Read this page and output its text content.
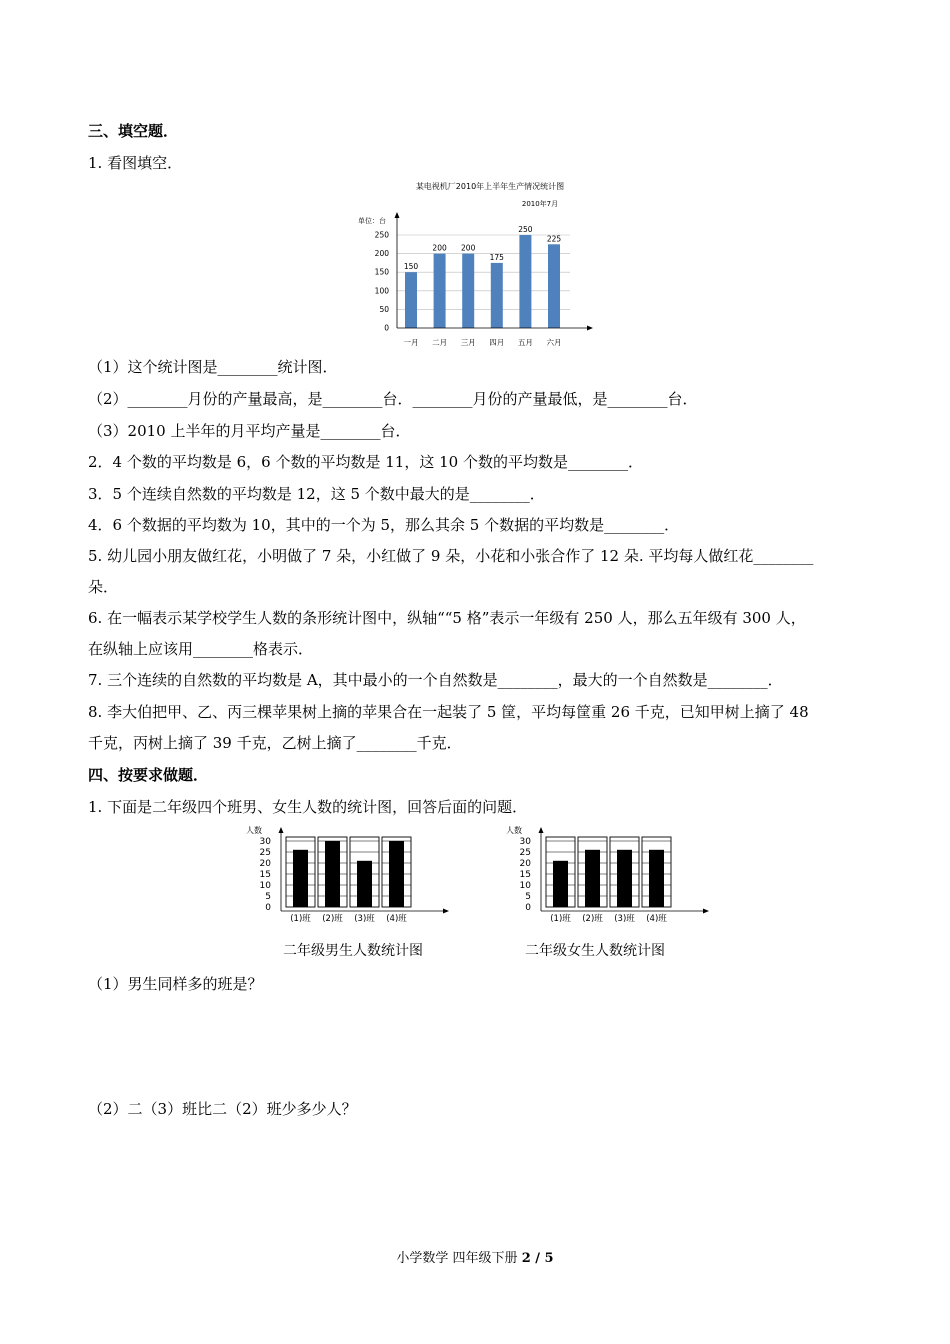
三、填空题．
1. 看图填空．
某电视机厂2010年上半年生产情况统计图
2010年7月
单位：台
0
50
100
150
200
250
150
200 200
175
250
225
一月 二月 三月 四月 五月 六月
（1）这个统计图是________统计图．
（2）________月份的产量最高，是________台．________月份的产量最低，是________台．
（3）2010 上半年的月平均产量是________台．
2．4 个数的平均数是 6，6 个数的平均数是 11，这 10 个数的平均数是________．
3．5 个连续自然数的平均数是 12，这 5 个数中最大的是________．
4．6 个数据的平均数为 10，其中的一个为 5，那么其余 5 个数据的平均数是________．
5. 幼儿园小朋友做红花，小明做了 7 朵，小红做了 9 朵，小花和小张合作了 12 朵. 平均每人做红花________
朵．
6. 在一幅表示某学校学生人数的条形统计图中，纵轴““5 格”表示一年级有 250 人，那么五年级有 300 人，
在纵轴上应该用________格表示．
7. 三个连续的自然数的平均数是 A，其中最小的一个自然数是________，最大的一个自然数是________．
8. 李大伯把甲、乙、丙三棵苹果树上摘的苹果合在一起装了 5 筐，平均每筐重 26 千克，已知甲树上摘了 48
千克，丙树上摘了 39 千克，乙树上摘了________千克．
四、按要求做题．
1. 下面是二年级四个班男、女生人数的统计图，回答后面的问题．
人数
0
5
10
15
20
25
30
(1)班 (2)班 (3)班 (4)班
二年级男生人数统计图
人数
0
5
10
15
20
25
30
(1)班 (2)班 (3)班 (4)班
二年级女生人数统计图
（1）男生同样多的班是？
（2）二（3）班比二（2）班少多少人？
小学数学 四年级下册 2 / 5
